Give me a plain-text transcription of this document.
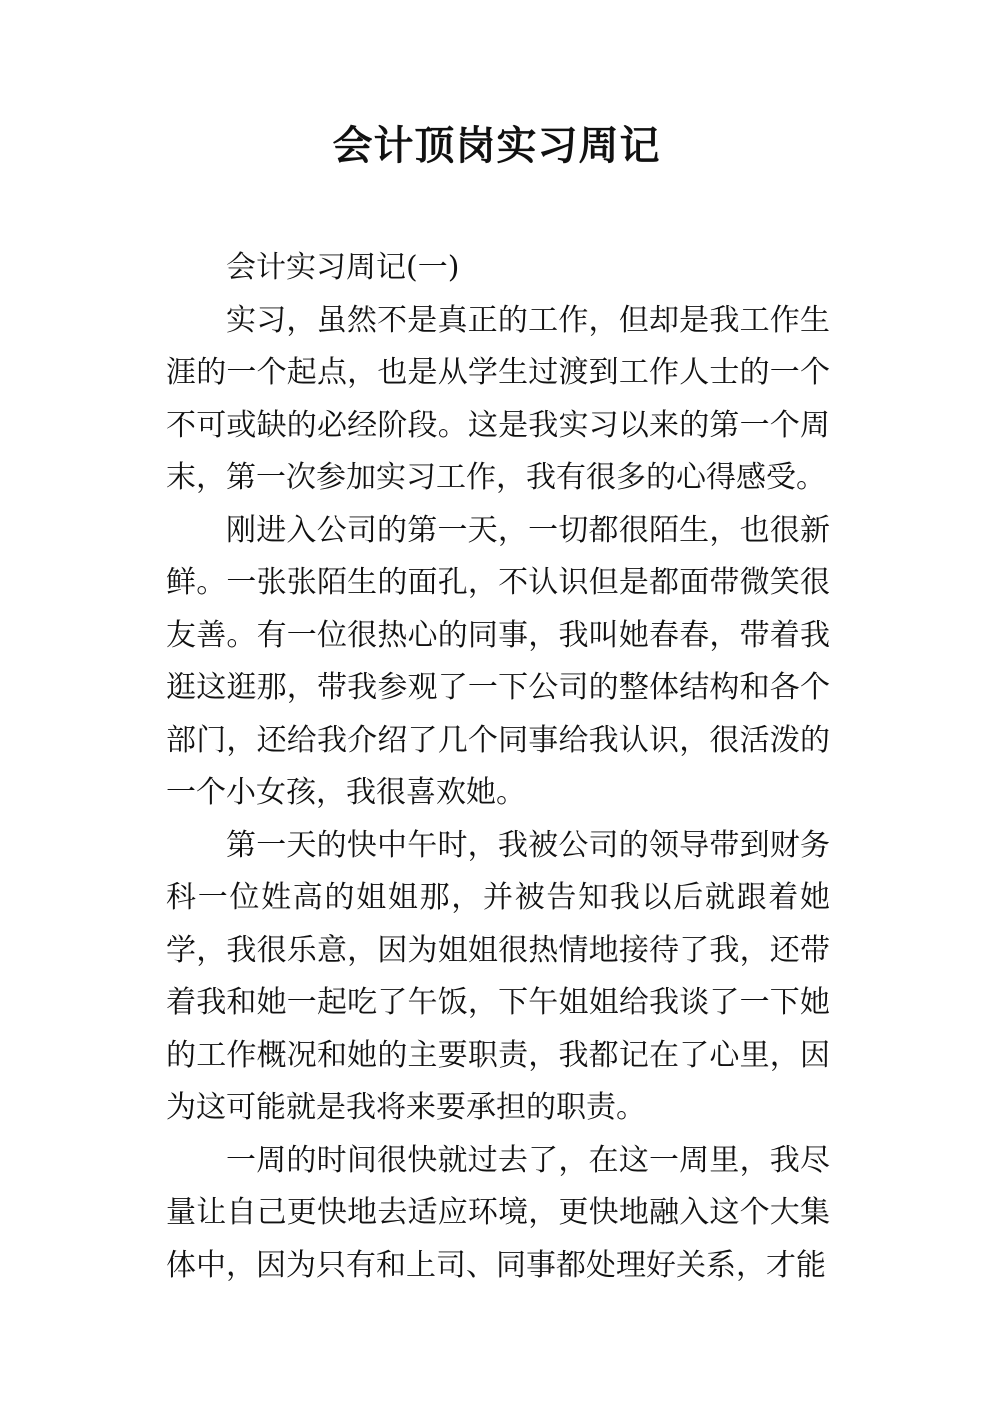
会计顶岗实习周记

会计实习周记(一)

实习，虽然不是真正的工作，但却是我工作生涯的一个起点，也是从学生过渡到工作人士的一个不可或缺的必经阶段。这是我实习以来的第一个周末，第一次参加实习工作，我有很多的心得感受。

刚进入公司的第一天，一切都很陌生，也很新鲜。一张张陌生的面孔，不认识但是都面带微笑很友善。有一位很热心的同事，我叫她春春，带着我逛这逛那，带我参观了一下公司的整体结构和各个部门，还给我介绍了几个同事给我认识，很活泼的一个小女孩，我很喜欢她。

第一天的快中午时，我被公司的领导带到财务科一位姓高的姐姐那，并被告知我以后就跟着她学，我很乐意，因为姐姐很热情地接待了我，还带着我和她一起吃了午饭，下午姐姐给我谈了一下她的工作概况和她的主要职责，我都记在了心里，因为这可能就是我将来要承担的职责。

一周的时间很快就过去了，在这一周里，我尽量让自己更快地去适应环境，更快地融入这个大集体中，因为只有和上司、同事都处理好关系，才能
